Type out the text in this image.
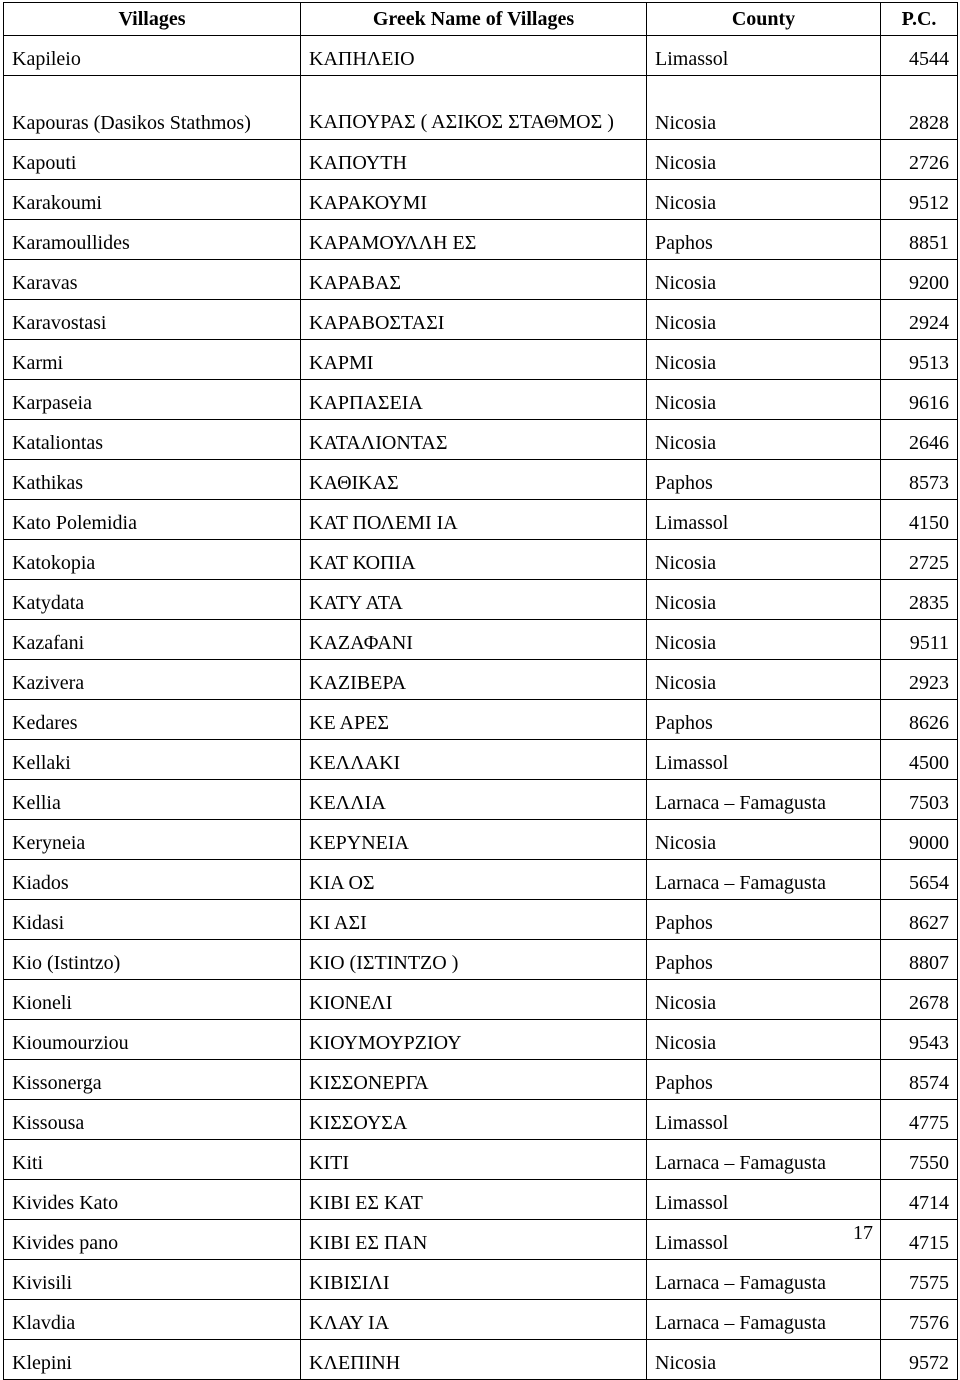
Villages	Greek Name of Villages	County	P.C.
Kapileio	ΚΑΠΗΛΕΙΟ	Limassol	4544
Kapouras (Dasikos Stathmos)	ΚΑΠΟΥΡΑΣ ( ΑΣΙΚΟΣ ΣΤΑΘΜΟΣ )	Nicosia	2828
Kapouti	ΚΑΠΟΥΤΗ	Nicosia	2726
Karakoumi	ΚΑΡΑΚΟΥΜΙ	Nicosia	9512
Karamoullides	ΚΑΡΑΜΟΥΛΛΗ ΕΣ	Paphos	8851
Karavas	ΚΑΡΑΒΑΣ	Nicosia	9200
Karavostasi	ΚΑΡΑΒΟΣΤΑΣΙ	Nicosia	2924
Karmi	ΚΑΡΜΙ	Nicosia	9513
Karpaseia	ΚΑΡΠΑΣΕΙΑ	Nicosia	9616
Kataliontas	ΚΑΤΑΛΙΟΝΤΑΣ	Nicosia	2646
Kathikas	ΚΑΘΙΚΑΣ	Paphos	8573
Kato Polemidia	ΚΑΤ ΠΟΛΕΜΙ ΙΑ	Limassol	4150
Katokopia	ΚΑΤ ΚΟΠΙΑ	Nicosia	2725
Katydata	ΚΑΤΥ ΑΤΑ	Nicosia	2835
Kazafani	ΚΑΖΑΦΑΝΙ	Nicosia	9511
Kazivera	ΚΑΖΙΒΕΡΑ	Nicosia	2923
Kedares	ΚΕ ΑΡΕΣ	Paphos	8626
Kellaki	ΚΕΛΛΑΚΙ	Limassol	4500
Kellia	ΚΕΛΛΙΑ	Larnaca – Famagusta	7503
Keryneia	ΚΕΡΥΝΕΙΑ	Nicosia	9000
Kiados	ΚΙΑ ΟΣ	Larnaca – Famagusta	5654
Kidasi	ΚΙ ΑΣΙ	Paphos	8627
Kio (Istintzo)	ΚΙΟ (ΙΣΤΙΝΤΖΟ )	Paphos	8807
Kioneli	ΚΙΟΝΕΛΙ	Nicosia	2678
Kioumourziou	ΚΙΟΥΜΟΥΡΖΙΟΥ	Nicosia	9543
Kissonerga	ΚΙΣΣΟΝΕΡΓΑ	Paphos	8574
Kissousa	ΚΙΣΣΟΥΣΑ	Limassol	4775
Kiti	ΚΙΤΙ	Larnaca – Famagusta	7550
Kivides Kato	ΚΙΒΙ ΕΣ ΚΑΤ	Limassol	4714
Kivides pano	ΚΙΒΙ ΕΣ ΠΑΝ	Limassol	4715
Kivisili	ΚΙΒΙΣΙΛΙ	Larnaca – Famagusta	7575
Klavdia	ΚΛΑΥ ΙΑ	Larnaca – Famagusta	7576
Klepini	ΚΛΕΠΙΝΗ	Nicosia	9572
17
